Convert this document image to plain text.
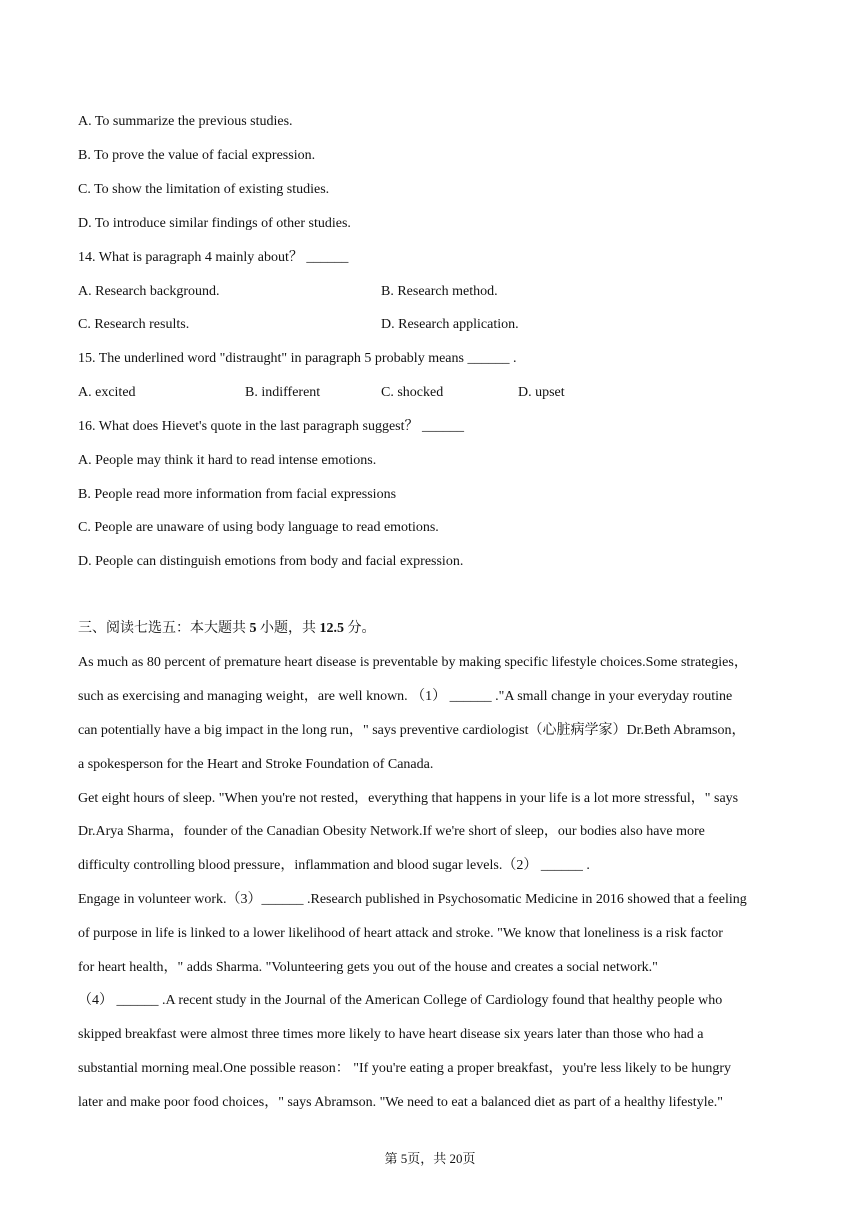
A. To summarize the previous studies.
B. To prove the value of facial expression.
C. To show the limitation of existing studies.
D. To introduce similar findings of other studies.
14. What is paragraph 4 mainly about？ ______
A. Research background.	B. Research method.
C. Research results.	D. Research application.
15. The underlined word "distraught" in paragraph 5 probably means ______ .
A. excited	B. indifferent	C. shocked	D. upset
16. What does Hievet's quote in the last paragraph suggest？ ______
A. People may think it hard to read intense emotions.
B. People read more information from facial expressions
C. People are unaware of using body language to read emotions.
D. People can distinguish emotions from body and facial expression.
三、阅读七选五：本大题共 5 小题，共 12.5 分。
As much as 80 percent of premature heart disease is preventable by making specific lifestyle choices.Some strategies，
such as exercising and managing weight，are well known. （1） ______ ."A small change in your everyday routine
can potentially have a big impact in the long run，" says preventive cardiologist（心脏病学家）Dr.Beth Abramson，
a spokesperson for the Heart and Stroke Foundation of Canada.
Get eight hours of sleep. "When you're not rested，everything that happens in your life is a lot more stressful，" says
Dr.Arya Sharma，founder of the Canadian Obesity Network.If we're short of sleep，our bodies also have more
difficulty controlling blood pressure，inflammation and blood sugar levels.（2） ______ .
Engage in volunteer work.（3）______ .Research published in Psychosomatic Medicine in 2016 showed that a feeling
of purpose in life is linked to a lower likelihood of heart attack and stroke. "We know that loneliness is a risk factor
for heart health，" adds Sharma. "Volunteering gets you out of the house and creates a social network."
（4） ______ .A recent study in the Journal of the American College of Cardiology found that healthy people who
skipped breakfast were almost three times more likely to have heart disease six years later than those who had a
substantial morning meal.One possible reason： "If you're eating a proper breakfast，you're less likely to be hungry
later and make poor food choices，" says Abramson. "We need to eat a balanced diet as part of a healthy lifestyle."
第 5页，共 20页
